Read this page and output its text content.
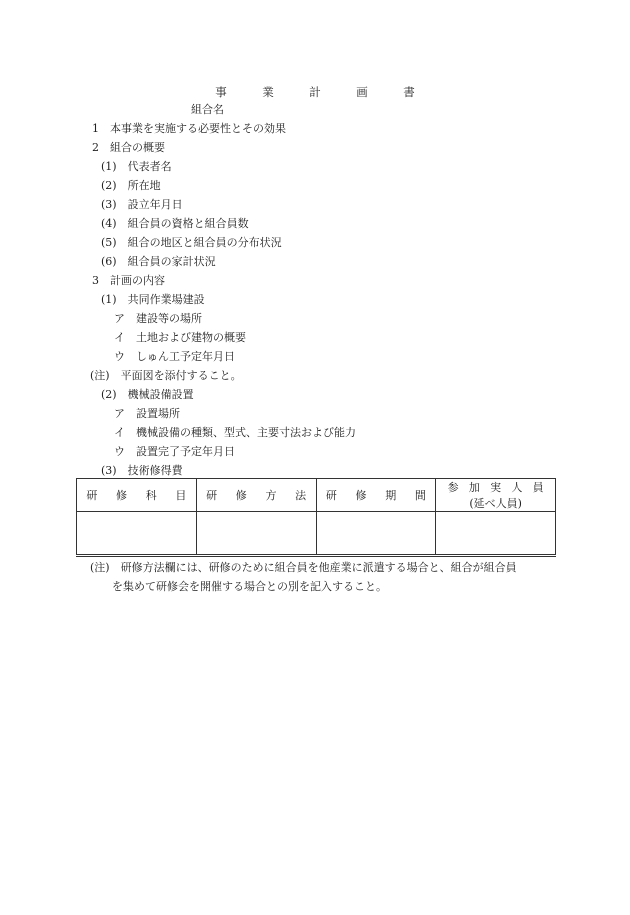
事	業	計	画	書
組合名
1　本事業を実施する必要性とその効果
2　組合の概要
(1)　代表者名
(2)　所在地
(3)　設立年月日
(4)　組合員の資格と組合員数
(5)　組合の地区と組合員の分布状況
(6)　組合員の家計状況
3　計画の内容
(1)　共同作業場建設
ア　建設等の場所
イ　土地および建物の概要
ウ　しゅん工予定年月日
(注)　平面図を添付すること。
(2)　機械設備設置
ア　設置場所
イ　機械設備の種類、型式、主要寸法および能力
ウ　設置完了予定年月日
(3)　技術修得費
研修科目	研修方法	研修期間	参加実人員
(延べ人員)

(注)　研修方法欄には、研修のために組合員を他産業に派遣する場合と、組合が組合員
を集めて研修会を開催する場合との別を記入すること。
